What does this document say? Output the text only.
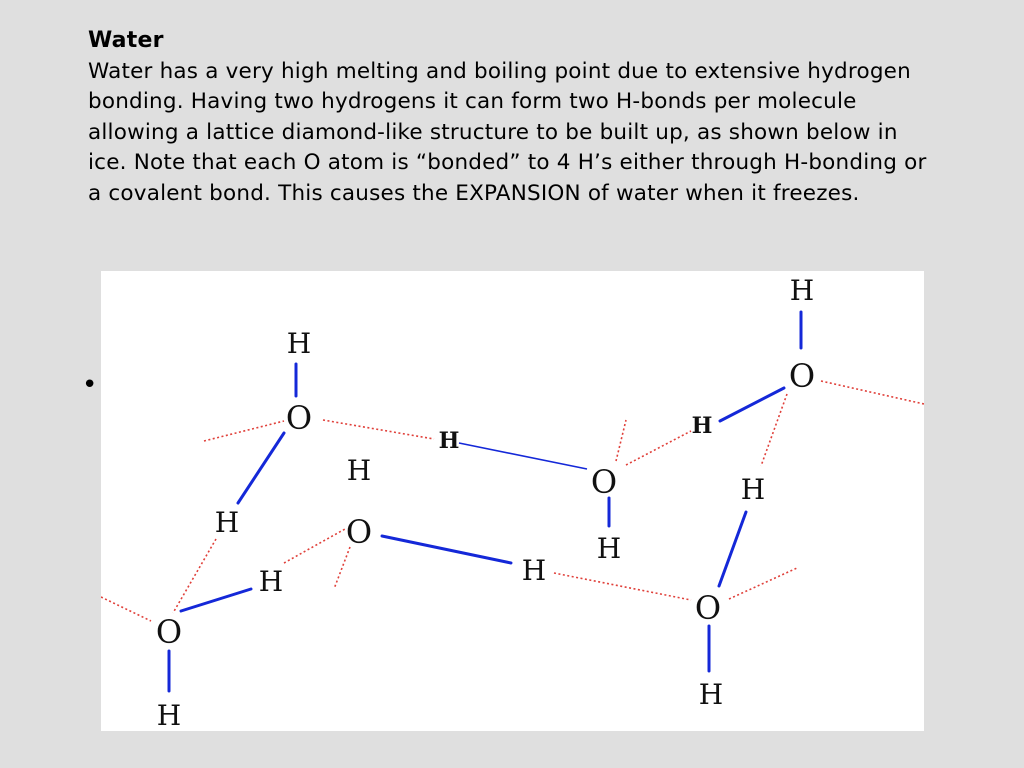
Water
Water has a very high melting and boiling point due to extensive hydrogen bonding. Having two hydrogens it can form two H-bonds per molecule allowing a lattice diamond-like structure to be built up, as shown below in ice. Note that each O atom is “bonded” to 4 H’s either through H-bonding or a covalent bond. This causes the EXPANSION of water when it freezes.
•
H
O
H
O
H
H
H
O
H
H
O
H
H
H
O
H
O
H
